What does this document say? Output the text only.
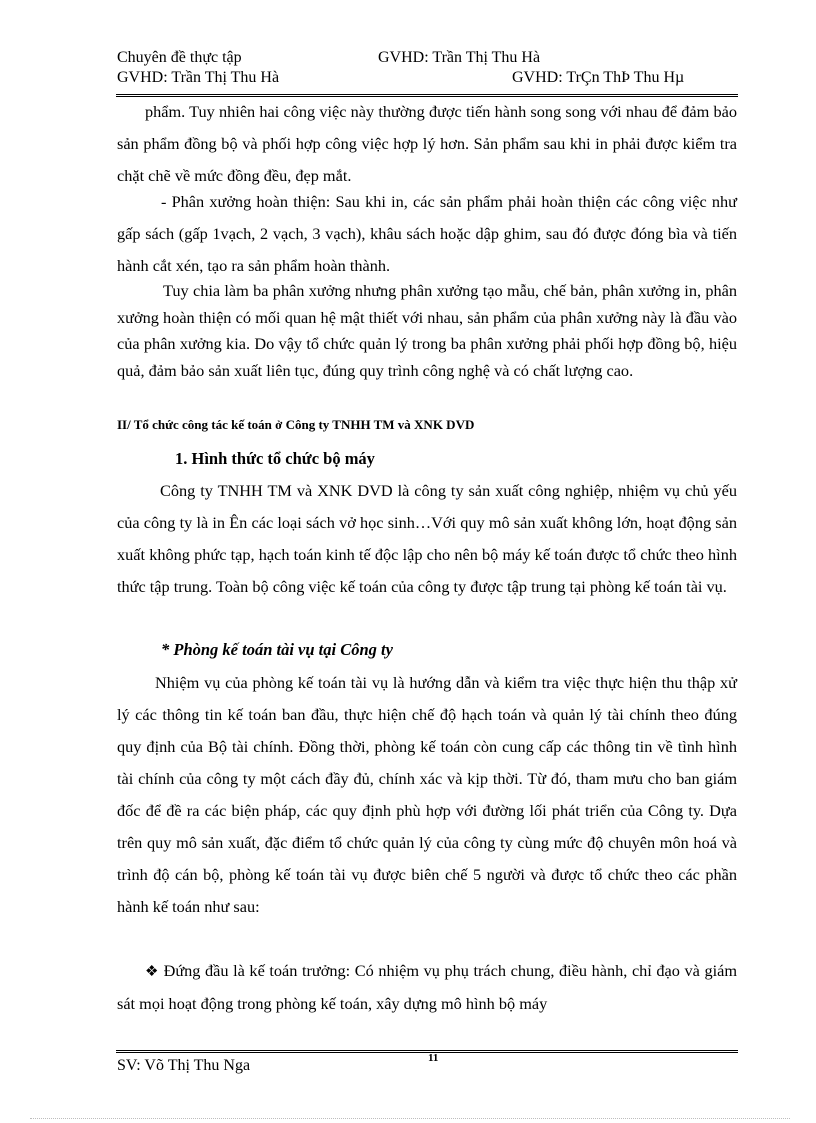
Chuyên đề thực tập	GVHD: Trần Thị Thu Hà
GVHD: Trần Thị Thu Hà	GVHD: TrÇn ThÞ Thu Hµ

phẩm. Tuy nhiên hai công việc này thường được tiến hành song song với nhau để đảm bảo sản phẩm đồng bộ và phối hợp công việc hợp lý hơn. Sản phẩm sau khi in phải được kiểm tra chặt chẽ về mức đồng đều, đẹp mắt.

- Phân xưởng hoàn thiện: Sau khi in, các sản phẩm phải hoàn thiện các công việc như gấp sách (gấp 1vạch, 2 vạch, 3 vạch), khâu sách hoặc dập ghim, sau đó được đóng bìa và tiến hành cắt xén, tạo ra sản phẩm hoàn thành.

Tuy chia làm ba phân xưởng nhưng phân xưởng tạo mẫu, chế bản, phân xưởng in, phân xưởng hoàn thiện có mối quan hệ mật thiết với nhau, sản phẩm của phân xưởng này là đầu vào của phân xưởng kia. Do vậy tổ chức quản lý trong ba phân xưởng phải phối hợp đồng bộ, hiệu quả, đảm bảo sản xuất liên tục, đúng quy trình công nghệ và có chất lượng cao.

II/ Tổ chức công tác kế toán ở Công ty TNHH TM và XNK DVD
1. Hình thức tổ chức bộ máy

Công ty TNHH TM và XNK DVD là công ty sản xuất công nghiệp, nhiệm vụ chủ yếu của công ty là in Ên các loại sách vở học sinh…Với quy mô sản xuất không lớn, hoạt động sản xuất không phức tạp, hạch toán kinh tế độc lập cho nên bộ máy kế toán được tổ chức theo hình thức tập trung. Toàn bộ công việc kế toán của công ty được tập trung tại phòng kế toán tài vụ.

* Phòng kế toán tài vụ tại Công ty

Nhiệm vụ của phòng kế toán tài vụ là hướng dẫn và kiểm tra việc thực hiện thu thập xử lý các thông tin kế toán ban đầu, thực hiện chế độ hạch toán và quản lý tài chính theo đúng quy định của Bộ tài chính. Đồng thời, phòng kế toán còn cung cấp các thông tin về tình hình tài chính của công ty một cách đầy đủ, chính xác và kịp thời. Từ đó, tham mưu cho ban giám đốc để đề ra các biện pháp, các quy định phù hợp với đường lối phát triển của Công ty. Dựa trên quy mô sản xuất, đặc điểm tổ chức quản lý của công ty cùng mức độ chuyên môn hoá và trình độ cán bộ, phòng kế toán tài vụ được biên chế 5 người và được tổ chức theo các phần hành kế toán như sau:

❖ Đứng đầu là kế toán trưởng: Có nhiệm vụ phụ trách chung, điều hành, chỉ đạo và giám sát mọi hoạt động trong phòng kế toán, xây dựng mô hình bộ máy

11
SV: Võ Thị Thu Nga
